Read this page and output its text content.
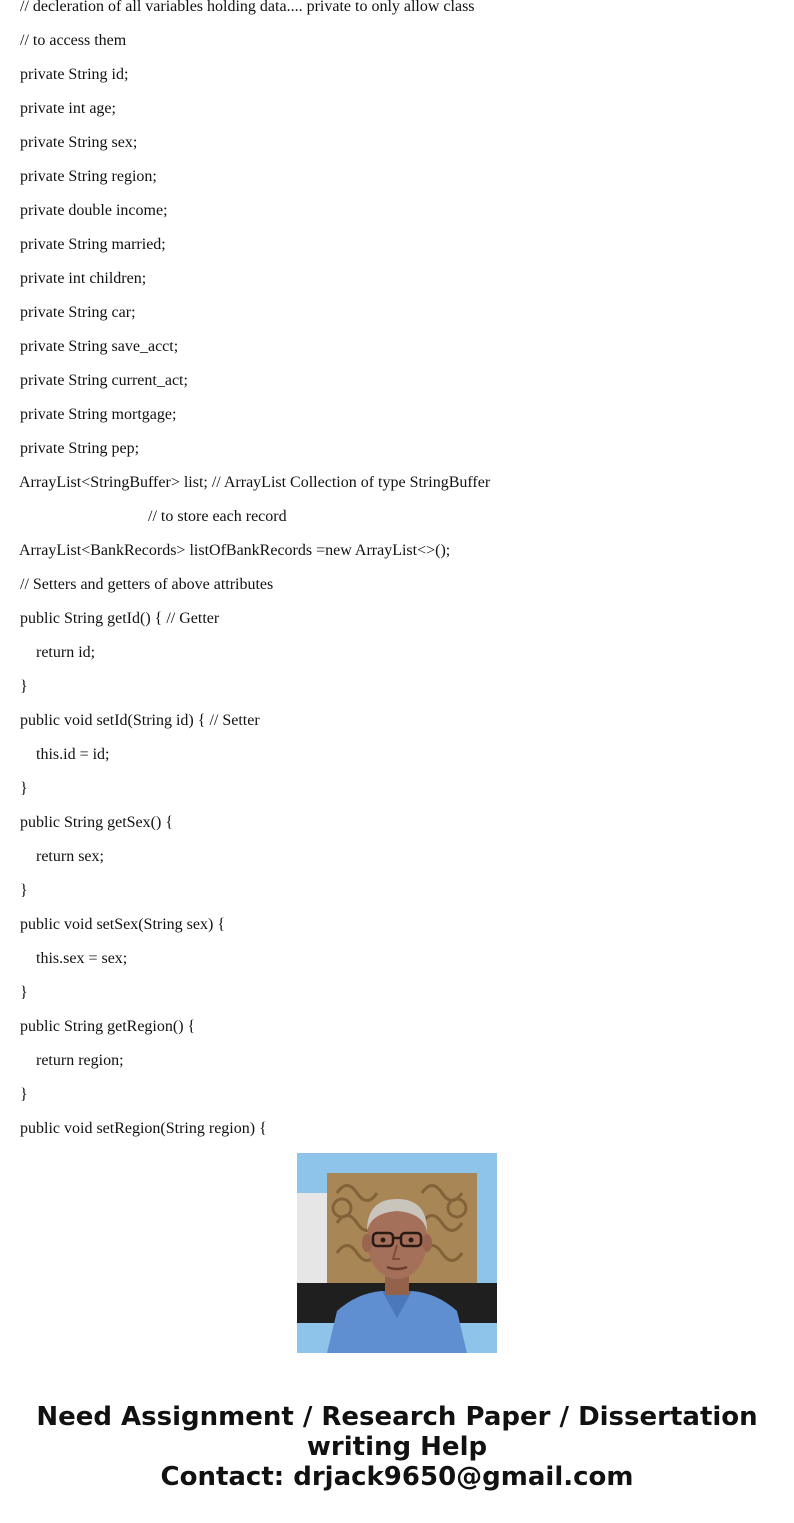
// decleration of all variables holding data.... private to only allow class
// to access them
private String id;
private int age;
private String sex;
private String region;
private double income;
private String married;
private int children;
private String car;
private String save_acct;
private String current_act;
private String mortgage;
private String pep;
ArrayList<StringBuffer> list; // ArrayList Collection of type StringBuffer
// to store each record
ArrayList<BankRecords> listOfBankRecords =new ArrayList<>();
// Setters and getters of above attributes
public String getId() { // Getter
return id;
}
public void setId(String id) { // Setter
this.id = id;
}
public String getSex() {
return sex;
}
public void setSex(String sex) {
this.sex = sex;
}
public String getRegion() {
return region;
}
public void setRegion(String region) {
Need Assignment / Research Paper / Dissertation
writing Help
Contact: drjack9650@gmail.com
